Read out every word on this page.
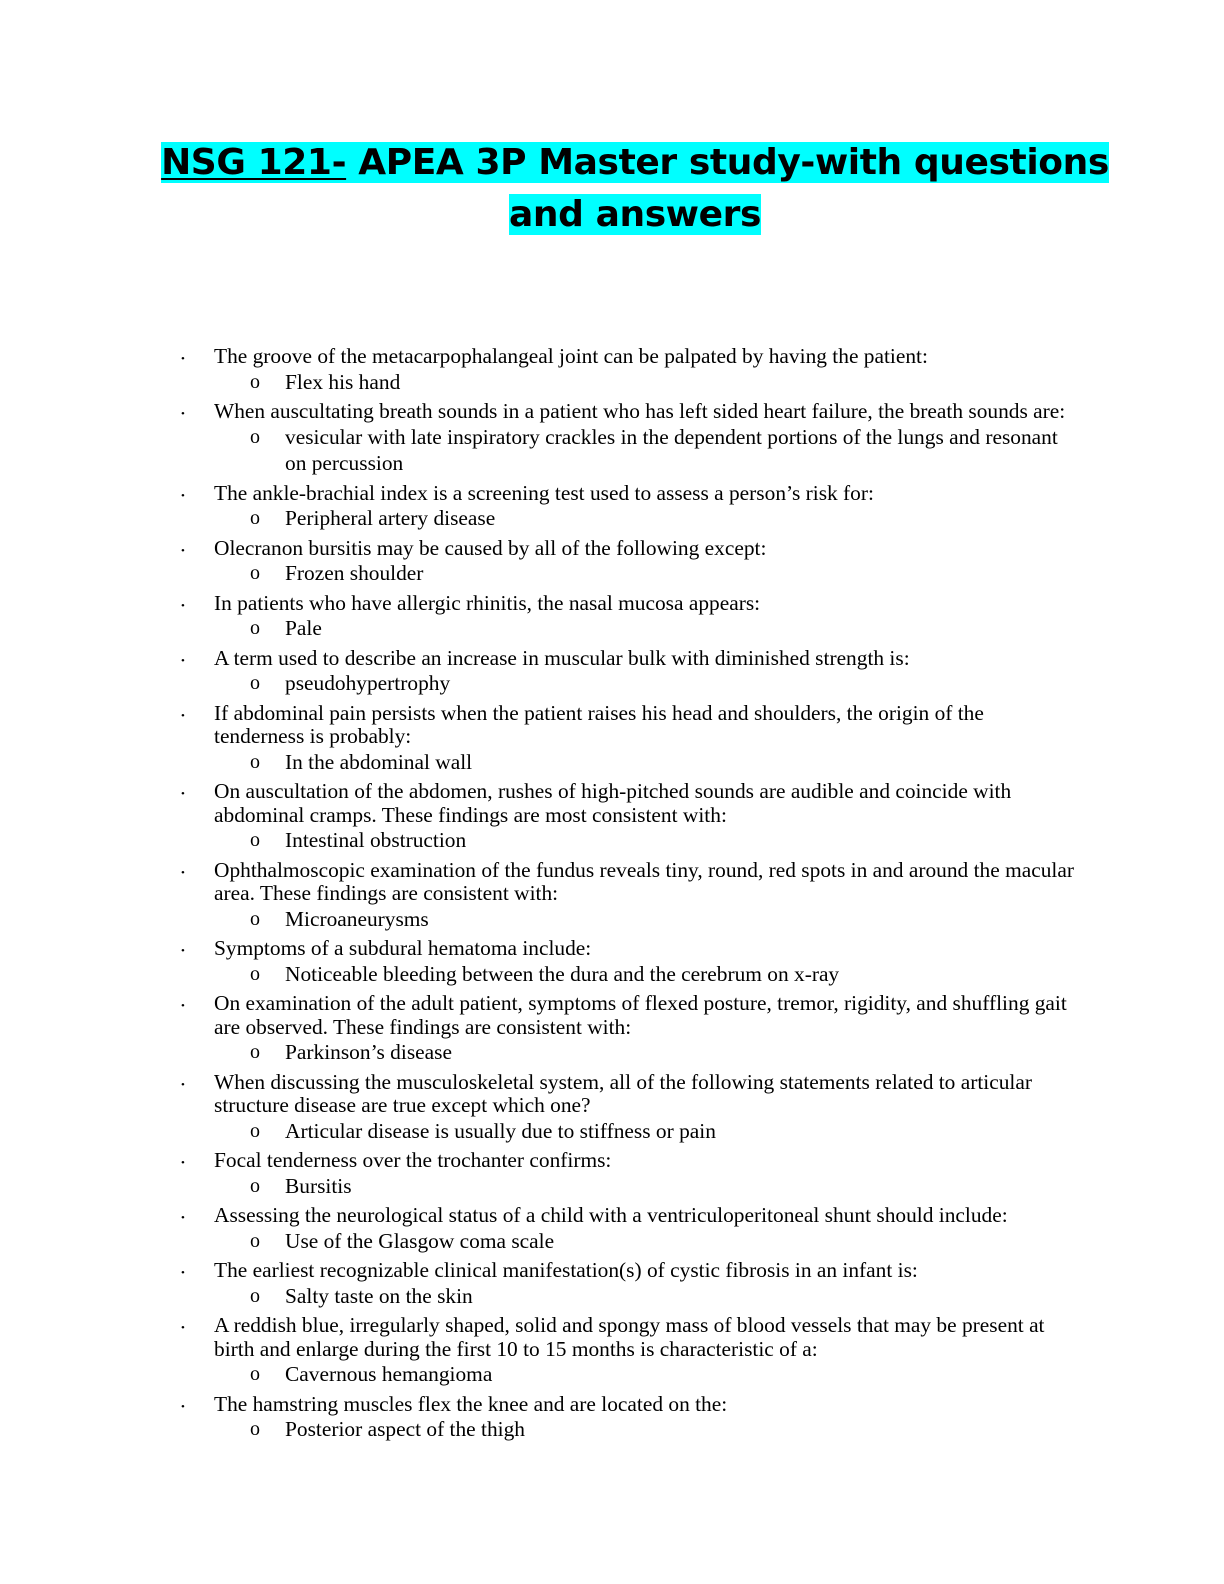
NSG 121- APEA 3P Master study-with questions
and answers
• The groove of the metacarpophalangeal joint can be palpated by having the patient:
o Flex his hand
• When auscultating breath sounds in a patient who has left sided heart failure, the breath sounds are:
o vesicular with late inspiratory crackles in the dependent portions of the lungs and resonant on percussion
• The ankle-brachial index is a screening test used to assess a person’s risk for:
o Peripheral artery disease
• Olecranon bursitis may be caused by all of the following except:
o Frozen shoulder
• In patients who have allergic rhinitis, the nasal mucosa appears:
o Pale
• A term used to describe an increase in muscular bulk with diminished strength is:
o pseudohypertrophy
• If abdominal pain persists when the patient raises his head and shoulders, the origin of the tenderness is probably:
o In the abdominal wall
• On auscultation of the abdomen, rushes of high-pitched sounds are audible and coincide with abdominal cramps. These findings are most consistent with:
o Intestinal obstruction
• Ophthalmoscopic examination of the fundus reveals tiny, round, red spots in and around the macular area. These findings are consistent with:
o Microaneurysms
• Symptoms of a subdural hematoma include:
o Noticeable bleeding between the dura and the cerebrum on x-ray
• On examination of the adult patient, symptoms of flexed posture, tremor, rigidity, and shuffling gait are observed. These findings are consistent with:
o Parkinson’s disease
• When discussing the musculoskeletal system, all of the following statements related to articular structure disease are true except which one?
o Articular disease is usually due to stiffness or pain
• Focal tenderness over the trochanter confirms:
o Bursitis
• Assessing the neurological status of a child with a ventriculoperitoneal shunt should include:
o Use of the Glasgow coma scale
• The earliest recognizable clinical manifestation(s) of cystic fibrosis in an infant is:
o Salty taste on the skin
• A reddish blue, irregularly shaped, solid and spongy mass of blood vessels that may be present at birth and enlarge during the first 10 to 15 months is characteristic of a:
o Cavernous hemangioma
• The hamstring muscles flex the knee and are located on the:
o Posterior aspect of the thigh
